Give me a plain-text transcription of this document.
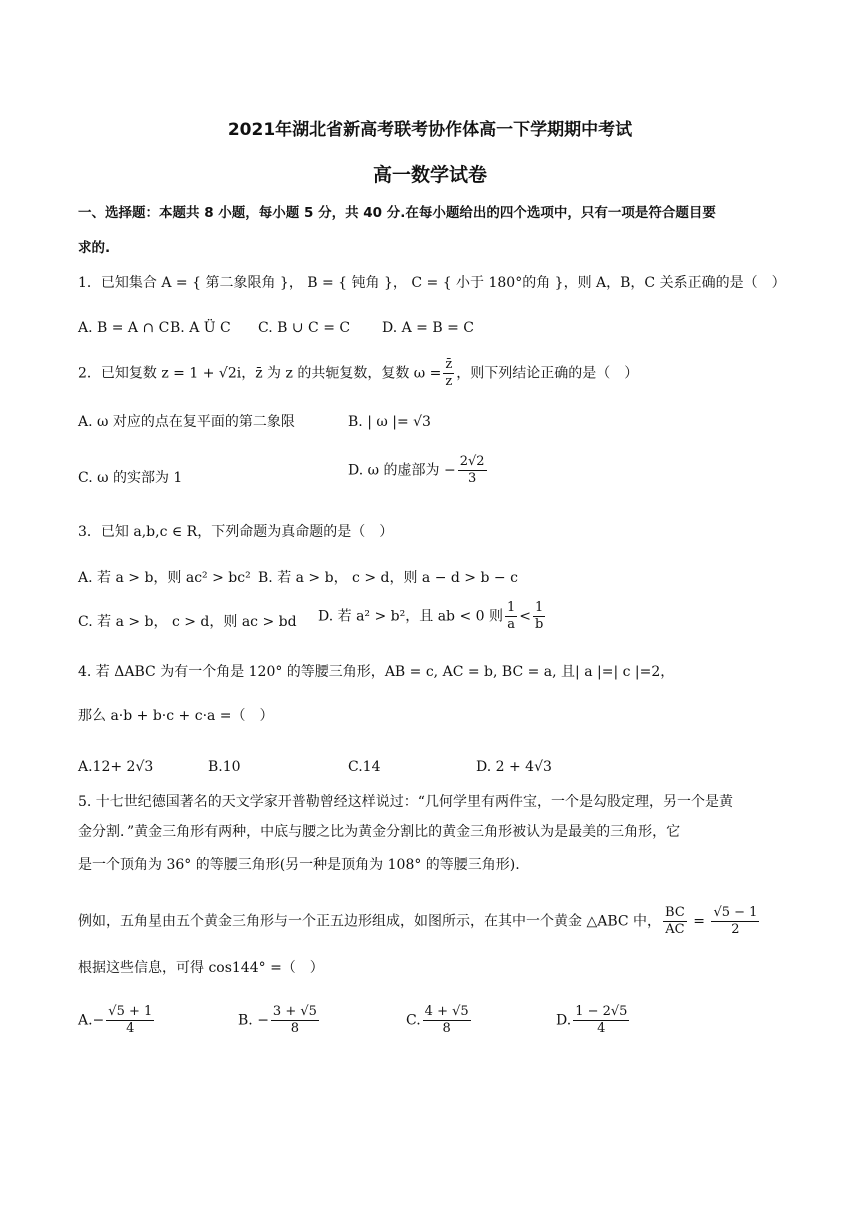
2021年湖北省新高考联考协作体高一下学期期中考试
高一数学试卷
一、选择题：本题共 8 小题，每小题 5 分，共 40 分.在每小题给出的四个选项中，只有一项是符合题目要
求的.
1．已知集合 A = { 第二象限角 }， B = { 钝角 }， C = { 小于 180°的角 }，则 A，B，C 关系正确的是（　）
A. B = A ∩ C B. A Ü C C. B ∪ C = C D. A = B = C
2．已知复数 z = 1 + √2i，z̄ 为 z 的共轭复数，复数 $\omega = \frac{z̄}{z}$ ，则下列结论正确的是（　）
A. ω 对应的点在复平面的第二象限	B. | ω |= √3
C. ω 的实部为 1	D. ω 的虚部为 − $\frac{2√2}{3}$
3．已知 a,b,c ∈ R，下列命题为真命题的是（　）
A. 若 a > b，则 ac² > bc² B. 若 a > b， c > d，则 a − d > b − c
C. 若 a > b， c > d，则 ac > bd D. 若 a² > b²，且 ab < 0 则 $\frac{1}{a} < \frac{1}{b}$
4. 若 ΔABC 为有一个角是 120° 的等腰三角形，AB = c, AC = b, BC = a, 且| a |=| c |=2，
那么 a·b + b·c + c·a =（　）
A.12+ 2√3	B.10	C.14	D. 2 + 4√3
5. 十七世纪德国著名的天文学家开普勒曾经这样说过：“几何学里有两件宝，一个是勾股定理，另一个是黄
金分割．”黄金三角形有两种，中底与腰之比为黄金分割比的黄金三角形被认为是最美的三角形，它
是一个顶角为 36° 的等腰三角形(另一种是顶角为 108° 的等腰三角形).
例如，五角星由五个黄金三角形与一个正五边形组成，如图所示，在其中一个黄金 △ABC 中， $\frac{BC}{AC} = \frac{√5 - 1}{2}$
根据这些信息，可得 cos144° =（　）
$A.- \frac{√5 + 1}{4}$	B. − $\frac{3 + √5}{8}$	C. $\frac{4 + √5}{8}$	D. $\frac{1 - 2√5}{4}$
